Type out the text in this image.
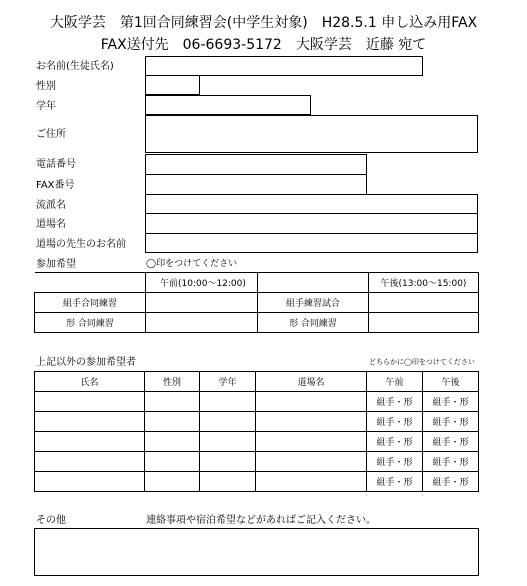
大阪学芸　第1回合同練習会(中学生対象)　H28.5.1 申し込み用FAX
FAX送付先　06-6693-5172　大阪学芸　近藤 宛て
お名前(生徒氏名)
性別
学年
ご住所
電話番号
FAX番号
流派名
道場名
道場の先生のお名前
参加希望	◯印をつけてください
	午前(10:00～12:00)		午後(13:00～15:00)
組手合同練習		組手練習試合	
形 合同練習		形 合同練習	
上記以外の参加希望者	どちらかに◯印をつけてください
氏名	性別	学年	道場名	午前	午後
				組手・形	組手・形
				組手・形	組手・形
				組手・形	組手・形
				組手・形	組手・形
				組手・形	組手・形
その他	連絡事項や宿泊希望などがあればご記入ください。
